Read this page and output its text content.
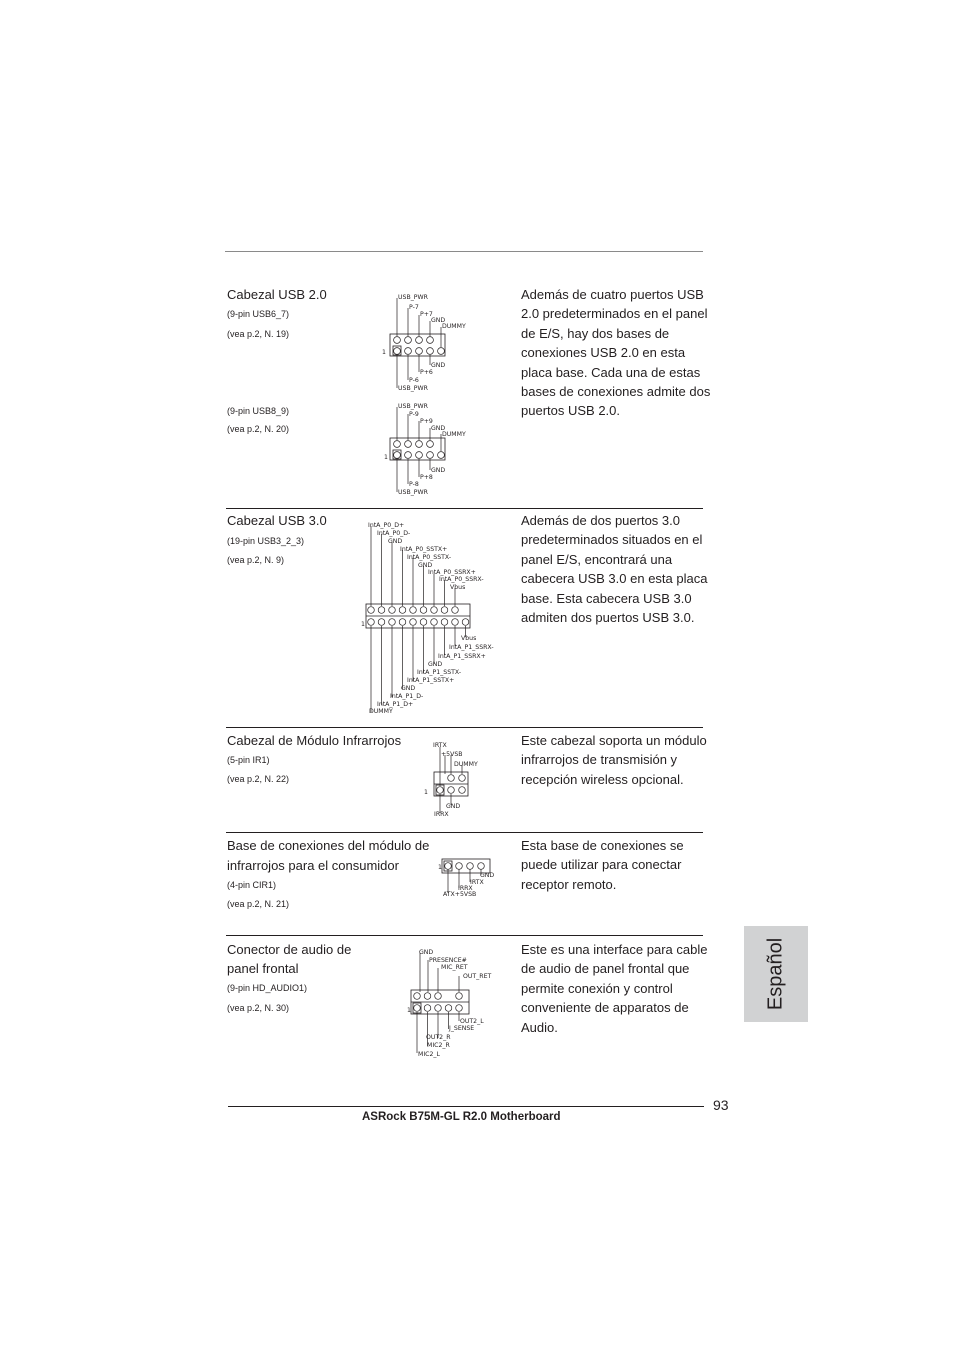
Cabezal USB 2.0
(9-pin USB6_7)
(vea p.2, N. 19)
(9-pin USB8_9)
(vea p.2, N. 20)
Además de cuatro puertos USB 2.0 predeterminados en el panel de E/S, hay dos bases de conexiones USB 2.0 en esta placa base. Cada una de estas bases de conexiones admite dos puertos USB 2.0.
1
USB_PWR
P-7
P+7
GND
DUMMY
GND
P+6
P-6
USB_PWR
1
USB_PWR
P-9
P+9
GND
DUMMY
GND
P+8
P-8
USB_PWR
Cabezal USB 3.0
(19-pin USB3_2_3)
(vea p.2, N. 9)
Además de dos puertos 3.0 predeterminados situados en el panel E/S, encontrará una cabecera USB 3.0 en esta placa base. Esta cabecera USB 3.0 admiten dos puertos USB 3.0.
1
IntA_P0_D+
IntA_P0_D-
GND
IntA_P0_SSTX+
IntA_P0_SSTX-
GND
IntA_P0_SSRX+
IntA_P0_SSRX-
Vbus
Vbus
IntA_P1_SSRX-
IntA_P1_SSRX+
GND
IntA_P1_SSTX-
IntA_P1_SSTX+
GND
IntA_P1_D-
IntA_P1_D+
DUMMY
Cabezal de Módulo Infrarrojos
(5-pin IR1)
(vea p.2, N. 22)
Este cabezal soporta un módulo infrarrojos de transmisión y recepción wireless opcional.
1
IRTX
+5VSB
DUMMY
GND
IRRX
Base de conexiones del módulo de
infrarrojos para el consumidor
(4-pin CIR1)
(vea p.2, N. 21)
Esta base de conexiones se puede utilizar para conectar receptor remoto.
1
GND
IRTX
IRRX
ATX+5VSB
Conector de audio de
panel frontal
(9-pin HD_AUDIO1)
(vea p.2, N. 30)
Este es una interface para cable de audio de panel frontal que permite conexión y control conveniente de apparatos de Audio.
1
GND
PRESENCE#
MIC_RET
OUT_RET
OUT2_L
J_SENSE
OUT2_R
MIC2_R
MIC2_L
Español
93
ASRock B75M-GL R2.0 Motherboard
